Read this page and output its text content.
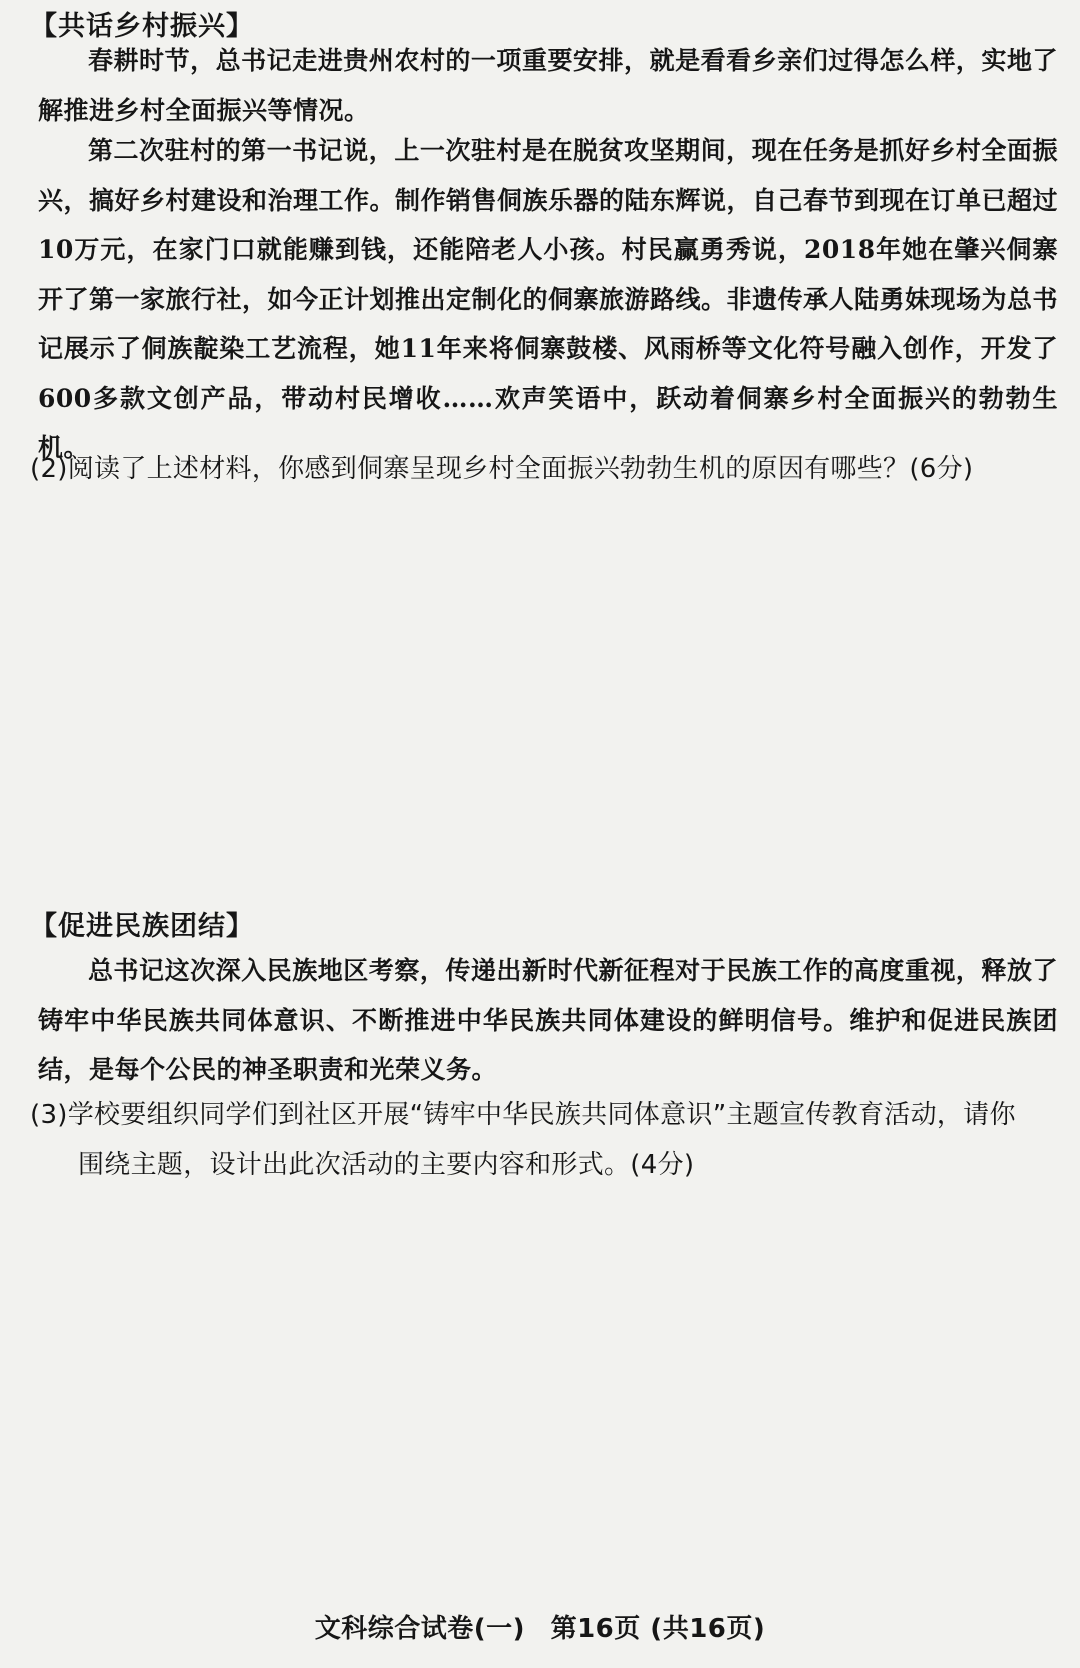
【共话乡村振兴】
春耕时节，总书记走进贵州农村的一项重要安排，就是看看乡亲们过得怎么样，实地了解推进乡村全面振兴等情况。
第二次驻村的第一书记说，上一次驻村是在脱贫攻坚期间，现在任务是抓好乡村全面振兴，搞好乡村建设和治理工作。制作销售侗族乐器的陆东辉说，自己春节到现在订单已超过10万元，在家门口就能赚到钱，还能陪老人小孩。村民赢勇秀说，2018年她在肇兴侗寨开了第一家旅行社，如今正计划推出定制化的侗寨旅游路线。非遗传承人陆勇妹现场为总书记展示了侗族靛染工艺流程，她11年来将侗寨鼓楼、风雨桥等文化符号融入创作，开发了600多款文创产品，带动村民增收……欢声笑语中，跃动着侗寨乡村全面振兴的勃勃生机。
(2)阅读了上述材料，你感到侗寨呈现乡村全面振兴勃勃生机的原因有哪些？(6分)
【促进民族团结】
总书记这次深入民族地区考察，传递出新时代新征程对于民族工作的高度重视，释放了铸牢中华民族共同体意识、不断推进中华民族共同体建设的鲜明信号。维护和促进民族团结，是每个公民的神圣职责和光荣义务。
(3)学校要组织同学们到社区开展“铸牢中华民族共同体意识”主题宣传教育活动，请你
围绕主题，设计出此次活动的主要内容和形式。(4分)
文科综合试卷(一) 第16页 (共16页)
